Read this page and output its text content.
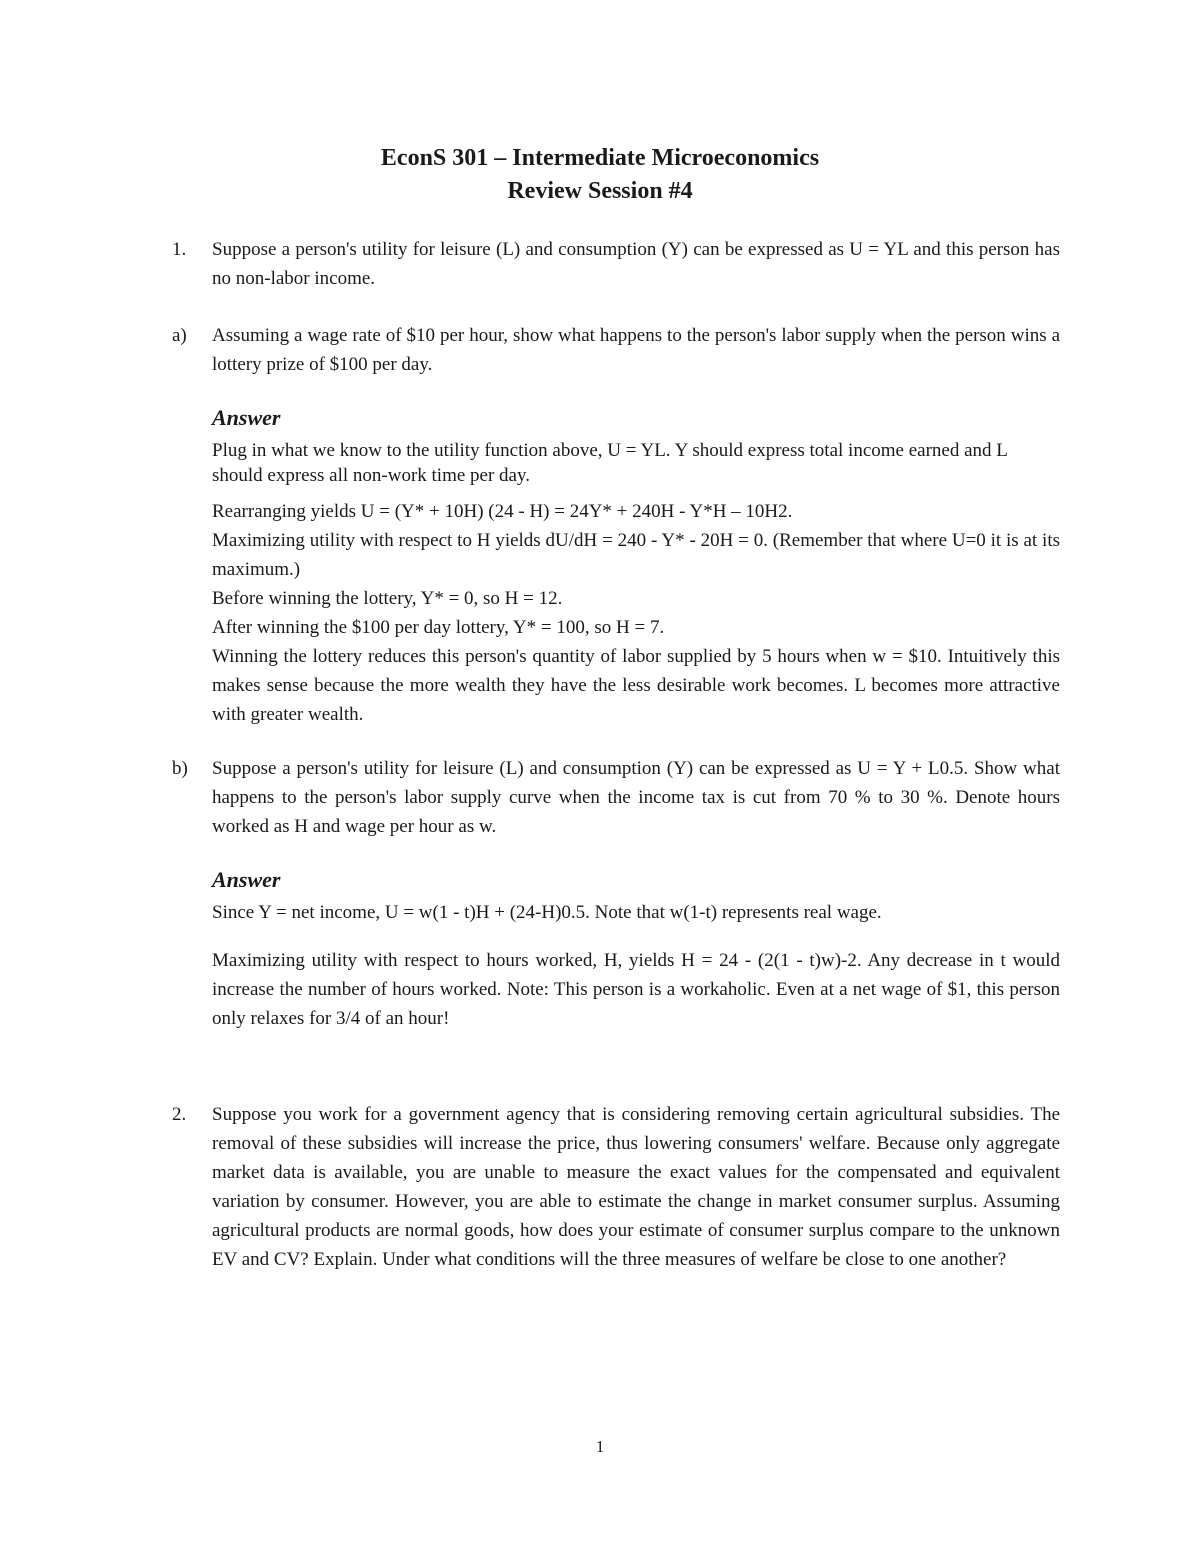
EconS 301 – Intermediate Microeconomics
Review Session #4
1. Suppose a person's utility for leisure (L) and consumption (Y) can be expressed as U = YL and this person has no non-labor income.
a) Assuming a wage rate of $10 per hour, show what happens to the person's labor supply when the person wins a lottery prize of $100 per day.
Answer
Plug in what we know to the utility function above, U = YL. Y should express total income earned and L should express all non-work time per day.
Rearranging yields U = (Y* + 10H) (24 - H) = 24Y* + 240H - Y*H – 10H2.
Maximizing utility with respect to H yields dU/dH = 240 - Y* - 20H = 0. (Remember that where U=0 it is at its maximum.)
Before winning the lottery, Y* = 0, so H = 12.
After winning the $100 per day lottery, Y* = 100, so H = 7.
Winning the lottery reduces this person's quantity of labor supplied by 5 hours when w = $10. Intuitively this makes sense because the more wealth they have the less desirable work becomes. L becomes more attractive with greater wealth.
b) Suppose a person's utility for leisure (L) and consumption (Y) can be expressed as U = Y + L0.5. Show what happens to the person's labor supply curve when the income tax is cut from 70 % to 30 %. Denote hours worked as H and wage per hour as w.
Answer
Since Y = net income, U = w(1 - t)H + (24-H)0.5. Note that w(1-t) represents real wage.
Maximizing utility with respect to hours worked, H, yields H = 24 - (2(1 - t)w)-2. Any decrease in t would increase the number of hours worked. Note: This person is a workaholic. Even at a net wage of $1, this person only relaxes for 3/4 of an hour!
2. Suppose you work for a government agency that is considering removing certain agricultural subsidies. The removal of these subsidies will increase the price, thus lowering consumers' welfare. Because only aggregate market data is available, you are unable to measure the exact values for the compensated and equivalent variation by consumer. However, you are able to estimate the change in market consumer surplus. Assuming agricultural products are normal goods, how does your estimate of consumer surplus compare to the unknown EV and CV? Explain. Under what conditions will the three measures of welfare be close to one another?
1
